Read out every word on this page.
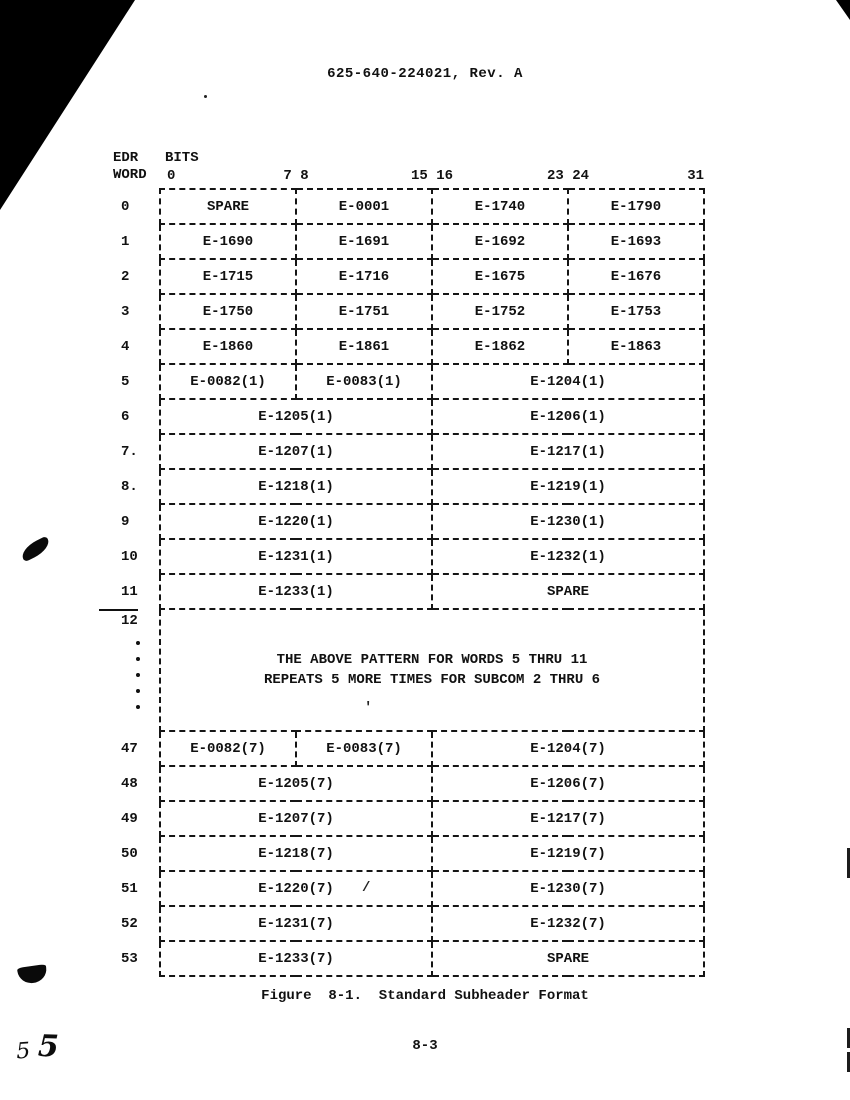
/
'
625-640-224021, Rev. A
EDR
WORD
BITS
0	7 8	15 16	23 24	31
0	SPARE	E-0001	E-1740	E-1790
1	E-1690	E-1691	E-1692	E-1693
2	E-1715	E-1716	E-1675	E-1676
3	E-1750	E-1751	E-1752	E-1753
4	E-1860	E-1861	E-1862	E-1863
5	E-0082(1)	E-0083(1)	E-1204(1)	
6	E-1205(1)		E-1206(1)	
7.	E-1207(1)		E-1217(1)	
8.	E-1218(1)		E-1219(1)	
9	E-1220(1)		E-1230(1)	
10	E-1231(1)		E-1232(1)	
11	E-1233(1)		SPARE	
12	THE ABOVE PATTERN FOR WORDS 5 THRU 11
REPEATS 5 MORE TIMES FOR SUBCOM 2 THRU 6			

47	E-0082(7)	E-0083(7)	E-1204(7)	
48	E-1205(7)		E-1206(7)	
49	E-1207(7)		E-1217(7)	
50	E-1218(7)		E-1219(7)	
51	E-1220(7)		E-1230(7)	
52	E-1231(7)		E-1232(7)	
53	E-1233(7)		SPARE	
Figure  8-1.  Standard Subheader Format
8-3
5 5
